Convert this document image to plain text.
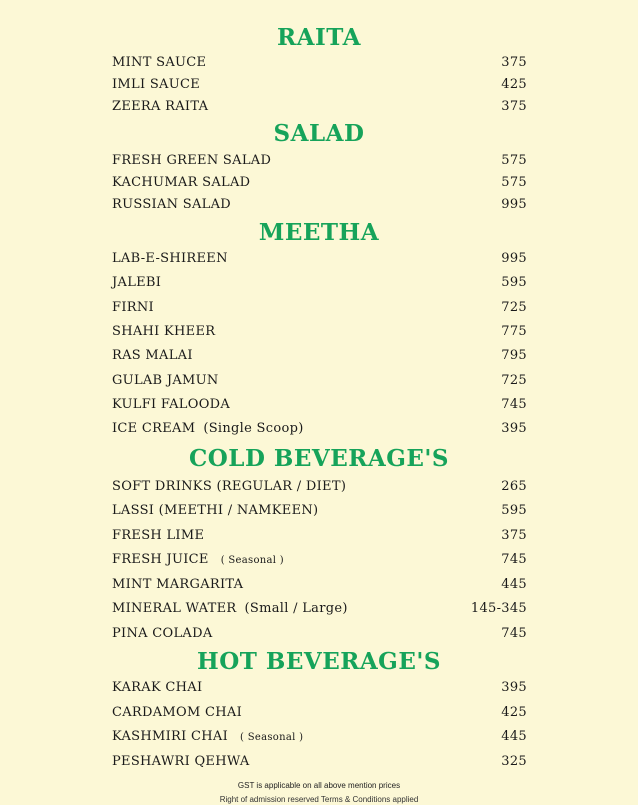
RAITA
MINT SAUCE	375
IMLI SAUCE	425
ZEERA RAITA	375
SALAD
FRESH GREEN SALAD	575
KACHUMAR SALAD	575
RUSSIAN SALAD	995
MEETHA
LAB-E-SHIREEN	995
JALEBI	595
FIRNI	725
SHAHI KHEER	775
RAS MALAI	795
GULAB JAMUN	725
KULFI FALOODA	745
ICE CREAM (Single Scoop)	395
COLD BEVERAGE'S
SOFT DRINKS (REGULAR / DIET)	265
LASSI (MEETHI / NAMKEEN)	595
FRESH LIME	375
FRESH JUICE ( Seasonal )	745
MINT MARGARITA	445
MINERAL WATER (Small / Large)	145-345
PINA COLADA	745
HOT BEVERAGE'S
KARAK CHAI	395
CARDAMOM CHAI	425
KASHMIRI CHAI ( Seasonal )	445
PESHAWRI QEHWA	325
GST is applicable on all above mention prices
Right of admission reserved Terms & Conditions applied
